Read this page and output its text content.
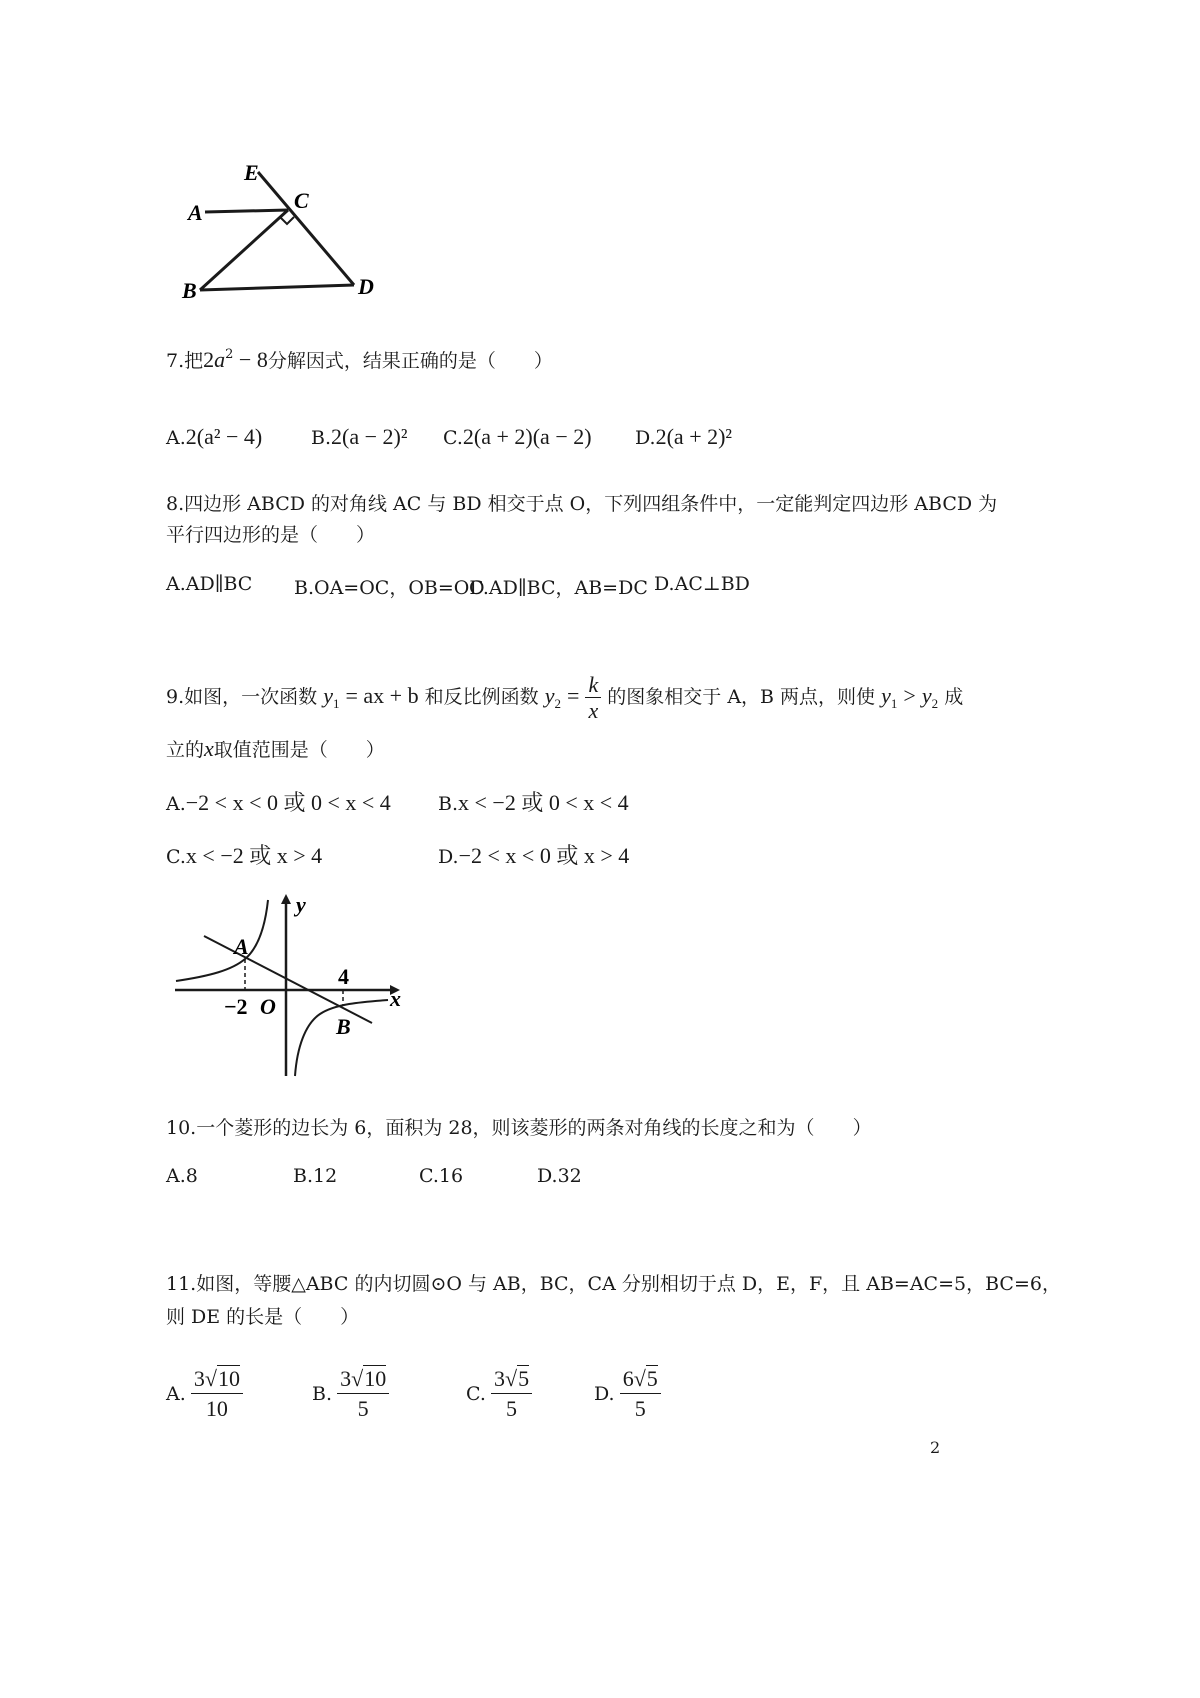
E
A	C
B	D
7.把$2a^2 - 8$分解因式，结果正确的是（　　）
A.2(a² − 4)	B.2(a − 2)² C.2(a + 2)(a − 2) D.2(a + 2)²
8.四边形 ABCD 的对角线 AC 与 BD 相交于点 O，下列四组条件中，一定能判定四边形 ABCD 为
平行四边形的是（　　）
A.AD∥BC B.OA=OC，OB=OD
C.AD∥BC，AB=DC D.AC⊥BD
9.如图，一次函数 $y_1$ = ax + b 和反比例函数 $y_2 = \frac{k}{x}$ 的图象相交于 A，B 两点，则使 $y_1 > y_2$ 成
立的x取值范围是（　　）
A.−2 < x < 0 或 0 < x < 4 B.x < −2 或 0 < x < 4
C.x < −2 或 x > 4	D.−2 < x < 0 或 x > 4
y
x
A
B
O
−2
4
10.一个菱形的边长为 6，面积为 28，则该菱形的两条对角线的长度之和为（　　）
A.8	B.12	C.16	D.32
11.如图，等腰△ABC 的内切圆⊙O 与 AB，BC，CA 分别相切于点 D，E，F，且 AB=AC=5，BC=6，
则 DE 的长是（　　）
A. $\frac{3√10}{10}$	B. $\frac{3√10}{5}$	C. $\frac{3√5}{5}$	D. $\frac{6√5}{5}$
2
